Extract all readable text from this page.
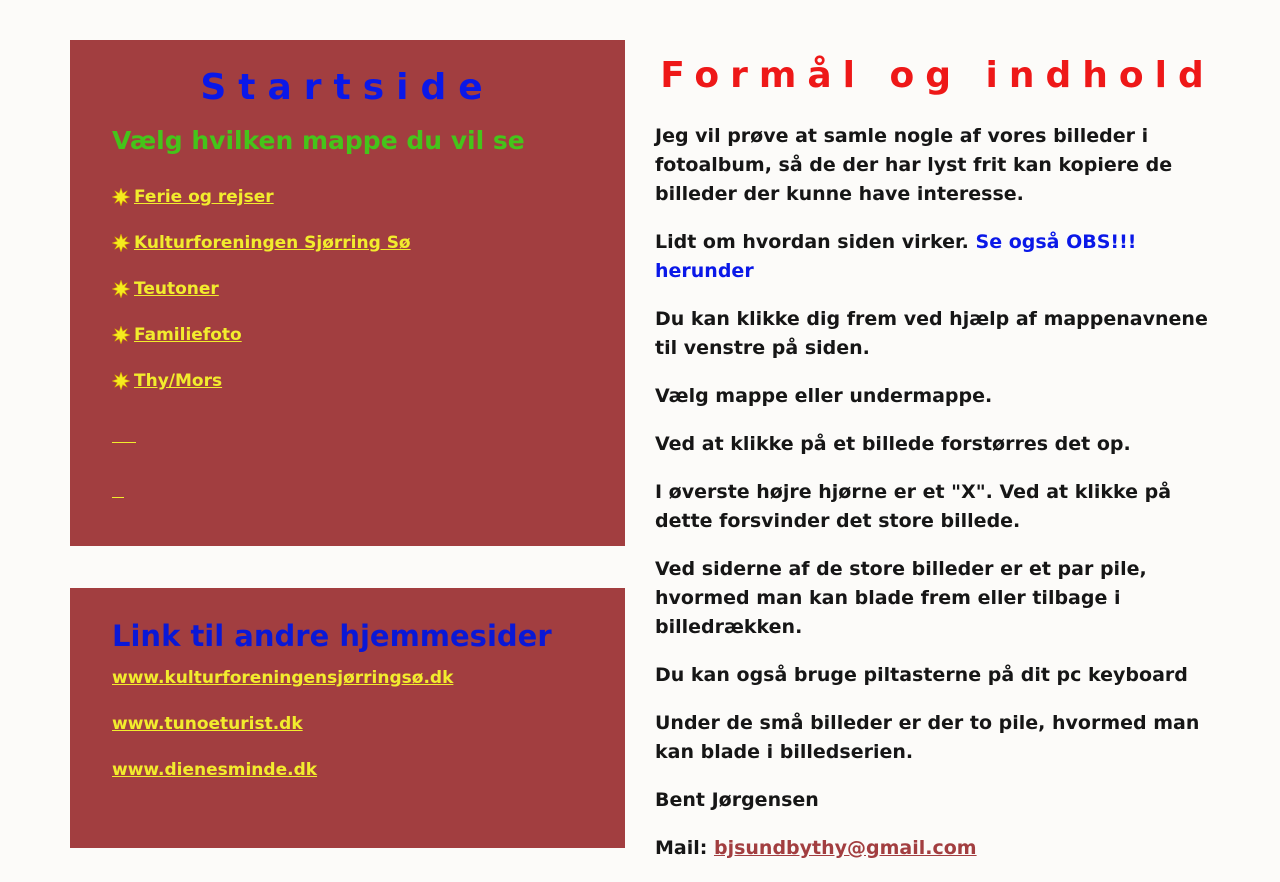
Startside
Vælg hvilken mappe du vil se
Ferie og rejser
Kulturforeningen Sjørring Sø
Teutoner
Familiefoto
Thy/Mors
Link til andre hjemmesider
www.kulturforeningensjørringsø.dk
www.tunoeturist.dk
www.dienesminde.dk
Formål og indhold

Jeg vil prøve at samle nogle af vores billeder i fotoalbum, så de der har lyst frit kan kopiere de billeder der kunne have interesse.

Lidt om hvordan siden virker. Se også OBS!!! herunder

Du kan klikke dig frem ved hjælp af mappenavnene til venstre på siden.

Vælg mappe eller undermappe.

Ved at klikke på et billede forstørres det op.

I øverste højre hjørne er et "X". Ved at klikke på dette forsvinder det store billede.

Ved siderne af de store billeder er et par pile, hvormed man kan blade frem eller tilbage i billedrækken.

Du kan også bruge piltasterne på dit pc keyboard

Under de små billeder er der to pile, hvormed man kan blade i billedserien.

Bent Jørgensen

Mail: bjsundbythy@gmail.com
